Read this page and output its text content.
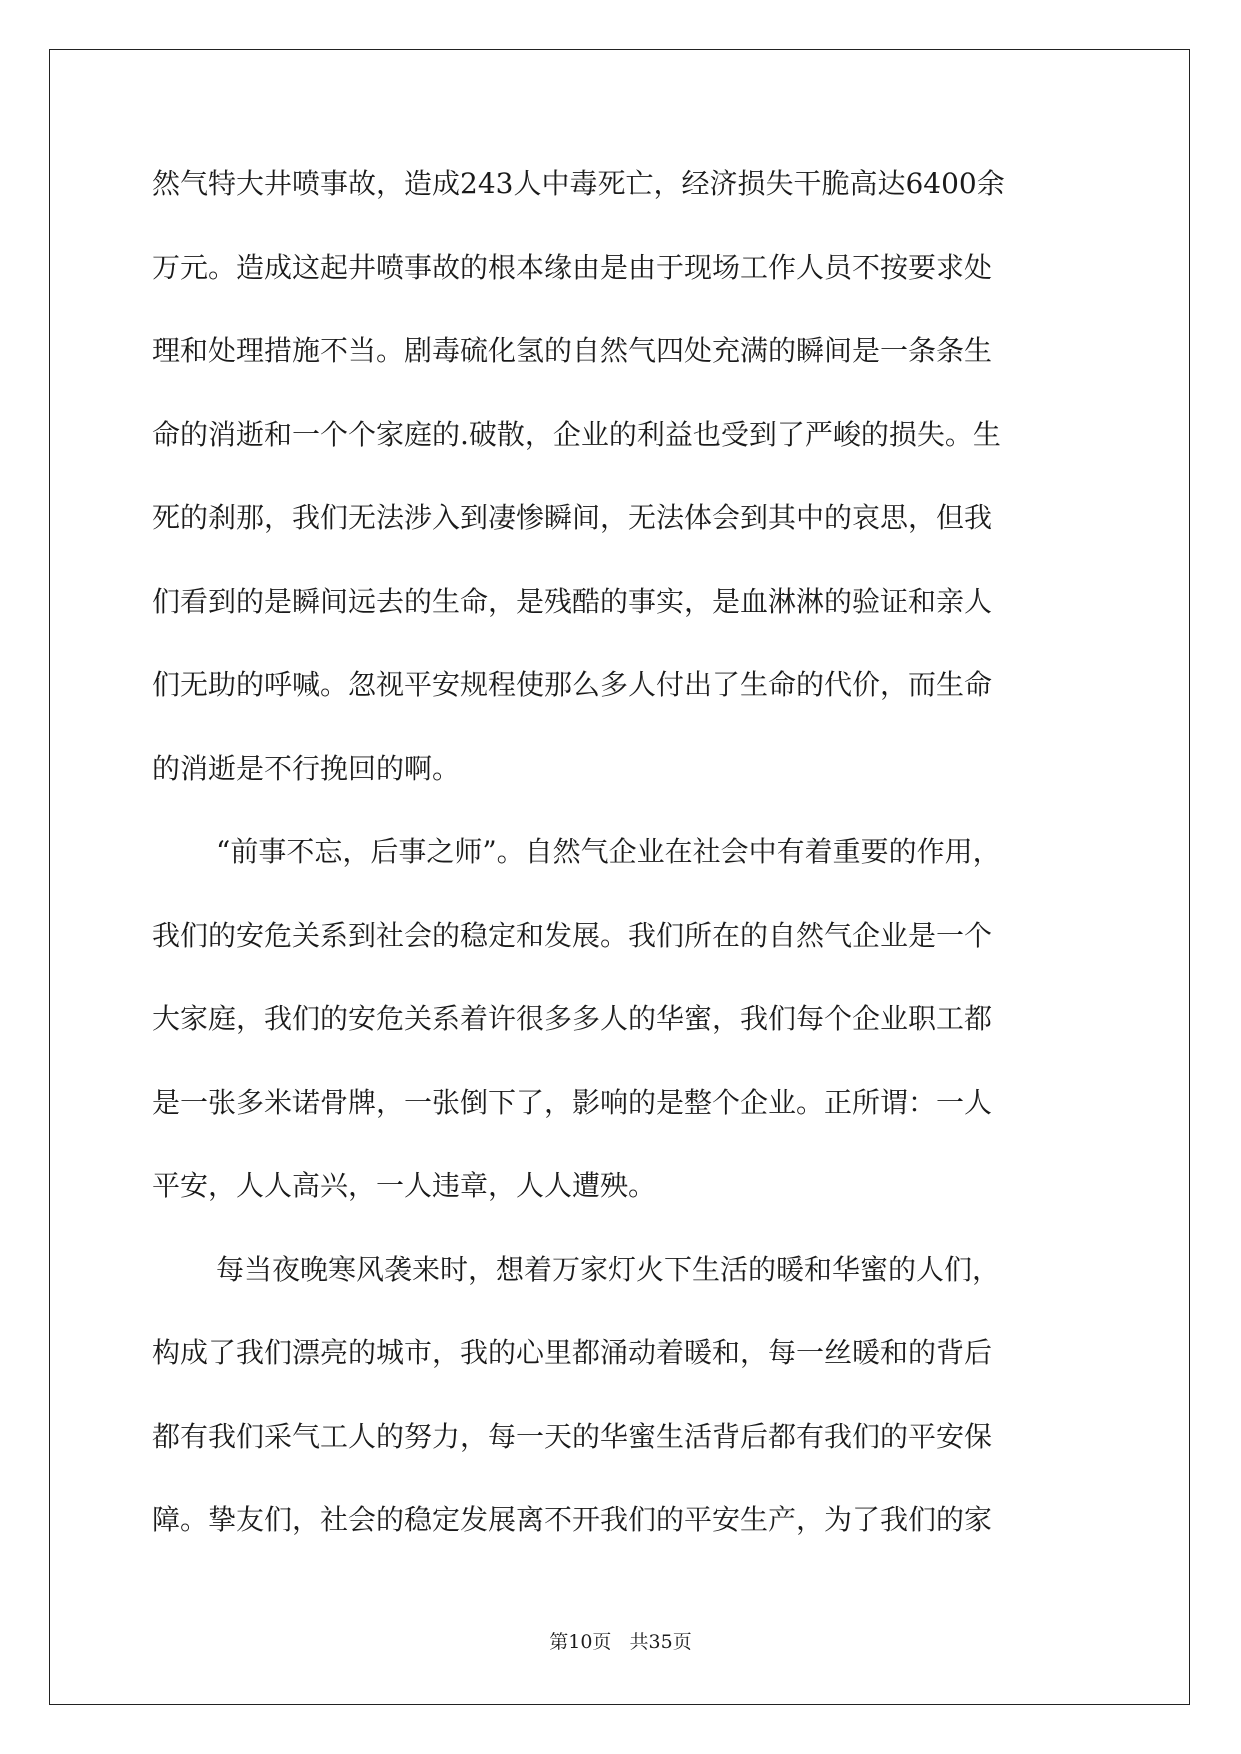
然气特大井喷事故，造成243人中毒死亡，经济损失干脆高达6400余
万元。造成这起井喷事故的根本缘由是由于现场工作人员不按要求处
理和处理措施不当。剧毒硫化氢的自然气四处充满的瞬间是一条条生
命的消逝和一个个家庭的.破散，企业的利益也受到了严峻的损失。生
死的刹那，我们无法涉入到凄惨瞬间，无法体会到其中的哀思，但我
们看到的是瞬间远去的生命，是残酷的事实，是血淋淋的验证和亲人
们无助的呼喊。忽视平安规程使那么多人付出了生命的代价，而生命
的消逝是不行挽回的啊。
“前事不忘，后事之师”。自然气企业在社会中有着重要的作用，
我们的安危关系到社会的稳定和发展。我们所在的自然气企业是一个
大家庭，我们的安危关系着许很多多人的华蜜，我们每个企业职工都
是一张多米诺骨牌，一张倒下了，影响的是整个企业。正所谓：一人
平安，人人高兴，一人违章，人人遭殃。
每当夜晚寒风袭来时，想着万家灯火下生活的暖和华蜜的人们，
构成了我们漂亮的城市，我的心里都涌动着暖和，每一丝暖和的背后
都有我们采气工人的努力，每一天的华蜜生活背后都有我们的平安保
障。挚友们，社会的稳定发展离不开我们的平安生产，为了我们的家
第10页   共35页
